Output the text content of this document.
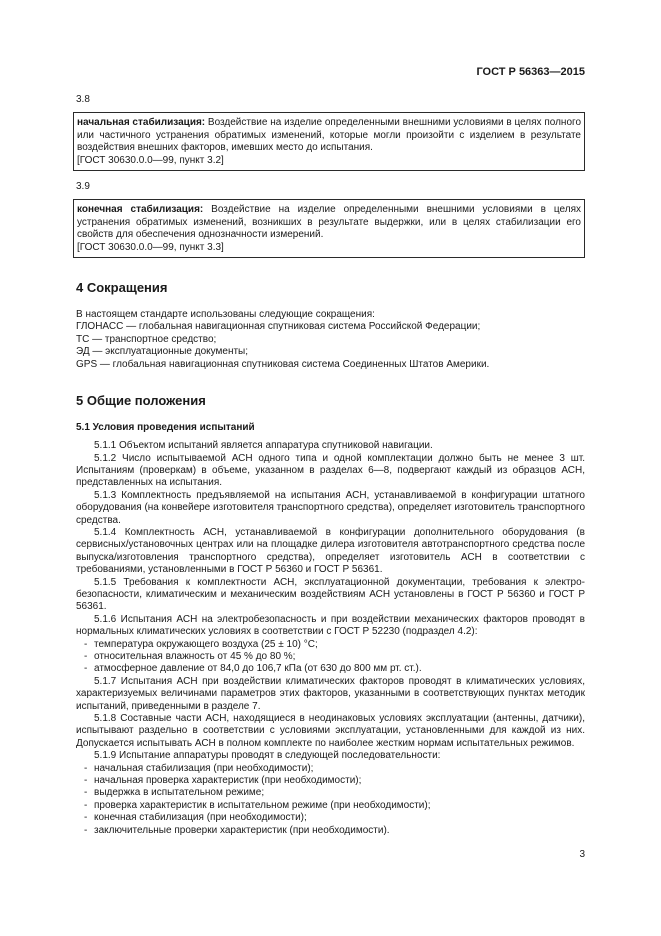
ГОСТ Р 56363—2015

3.8

начальная стабилизация: Воздействие на изделие определенными внешними условиями в целях полного или частичного устранения обратимых изменений, которые могли произойти с изделием в результате воздействия внешних факторов, имевших место до испытания.

[ГОСТ 30630.0.0—99, пункт 3.2]

3.9

конечная стабилизация: Воздействие на изделие определенными внешними условиями в целях устранения обратимых изменений, возникших в результате выдержки, или в целях стабилизации его свойств для обеспечения однозначности измерений.

[ГОСТ 30630.0.0—99, пункт 3.3]

4 Сокращения

В настоящем стандарте использованы следующие сокращения:

ГЛОНАСС — глобальная навигационная спутниковая система Российской Федерации;

ТС — транспортное средство;

ЭД — эксплуатационные документы;

GPS — глобальная навигационная спутниковая система Соединенных Штатов Америки.

5 Общие положения
5.1 Условия проведения испытаний

5.1.1 Объектом испытаний является аппаратура спутниковой навигации.

5.1.2 Число испытываемой АСН одного типа и одной комплектации должно быть не менее 3 шт. Испытаниям (проверкам) в объеме, указанном в разделах 6—8, подвергают каждый из образцов АСН, представленных на испытания.

5.1.3 Комплектность предъявляемой на испытания АСН, устанавливаемой в конфигурации штатного оборудования (на конвейере изготовителя транспортного средства), определяет изготовитель транспортного средства.

5.1.4 Комплектность АСН, устанавливаемой в конфигурации дополнительного оборудования (в сервисных/установочных центрах или на площадке дилера изготовителя автотранспортного средства после выпуска/изготовления транспортного средства), определяет изготовитель АСН в соответствии с требованиями, установленными в ГОСТ Р 56360 и ГОСТ Р 56361.

5.1.5 Требования к комплектности АСН, эксплуатационной документации, требования к электробезопасности, климатическим и механическим воздействиям АСН установлены в ГОСТ Р 56360 и ГОСТ Р 56361.

5.1.6 Испытания АСН на электробезопасность и при воздействии механических факторов проводят в нормальных климатических условиях в соответствии с ГОСТ Р 52230 (подраздел 4.2):

- температура окружающего воздуха (25 ± 10) °С;

- относительная влажность от 45 % до 80 %;

- атмосферное давление от 84,0 до 106,7 кПа (от 630 до 800 мм рт. ст.).

5.1.7 Испытания АСН при воздействии климатических факторов проводят в климатических условиях, характеризуемых величинами параметров этих факторов, указанными в соответствующих пунктах методик испытаний, приведенными в разделе 7.

5.1.8 Составные части АСН, находящиеся в неодинаковых условиях эксплуатации (антенны, датчики), испытывают раздельно в соответствии с условиями эксплуатации, установленными для каждой из них. Допускается испытывать АСН в полном комплекте по наиболее жестким нормам испытательных режимов.

5.1.9 Испытание аппаратуры проводят в следующей последовательности:

- начальная стабилизация (при необходимости);

- начальная проверка характеристик (при необходимости);

- выдержка в испытательном режиме;

- проверка характеристик в испытательном режиме (при необходимости);

- конечная стабилизация (при необходимости);

- заключительные проверки характеристик (при необходимости).

3
